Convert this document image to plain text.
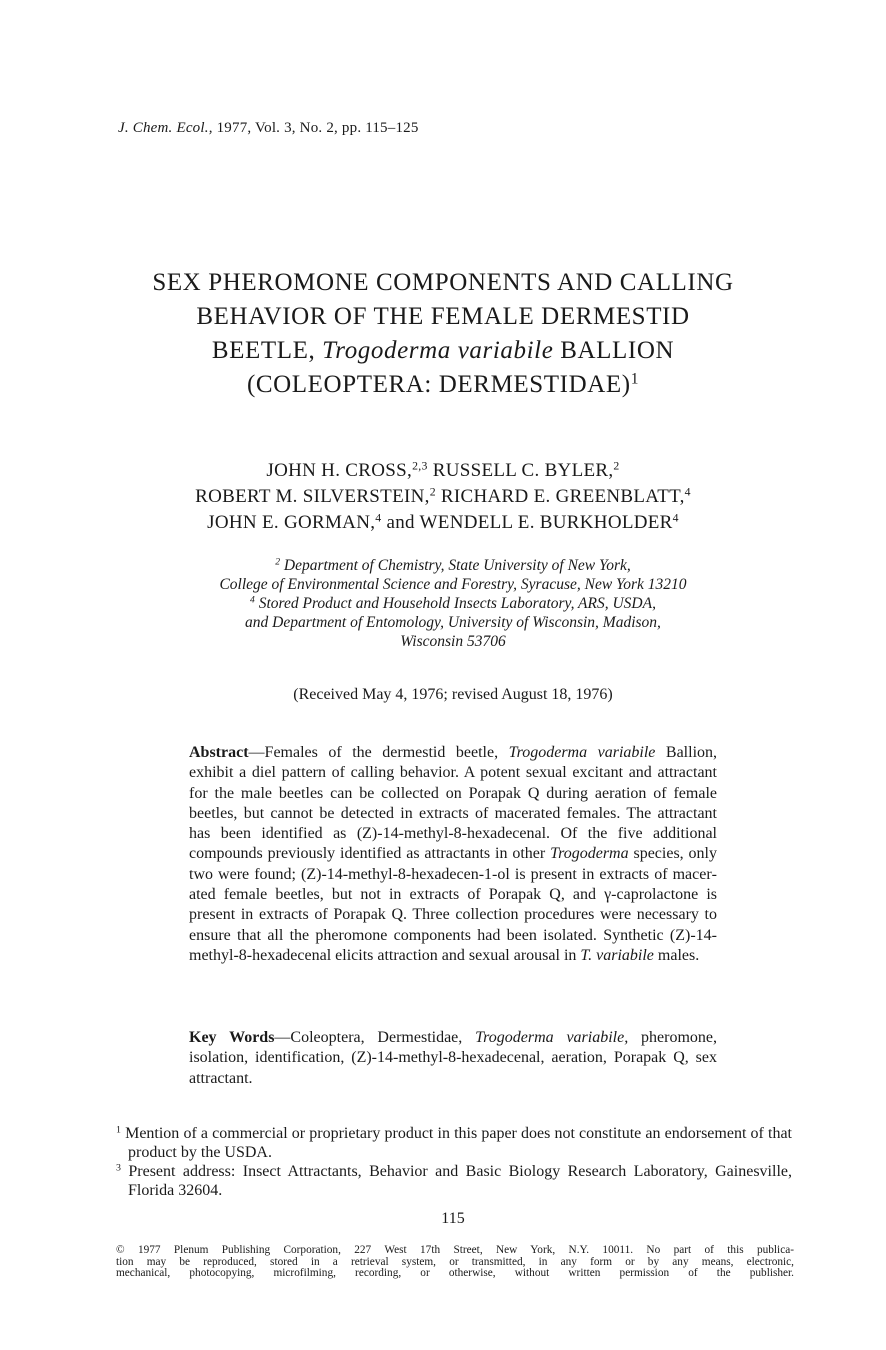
J. Chem. Ecol., 1977, Vol. 3, No. 2, pp. 115–125
SEX PHEROMONE COMPONENTS AND CALLING
BEHAVIOR OF THE FEMALE DERMESTID
BEETLE, Trogoderma variabile BALLION
(COLEOPTERA: DERMESTIDAE)$^1$
JOHN H. CROSS,$^{2,3}$ RUSSELL C. BYLER,$^2$
ROBERT M. SILVERSTEIN,$^2$ RICHARD E. GREENBLATT,$^4$
JOHN E. GORMAN,$^4$ and WENDELL E. BURKHOLDER$^4$
$^2$ Department of Chemistry, State University of New York,
College of Environmental Science and Forestry, Syracuse, New York 13210
$^4$ Stored Product and Household Insects Laboratory, ARS, USDA,
and Department of Entomology, University of Wisconsin, Madison,
Wisconsin 53706
(Received May 4, 1976; revised August 18, 1976)
Abstract—Females of the dermestid beetle, Trogoderma variabile Ballion, exhibit a diel pattern of calling behavior. A potent sexual excitant and attractant for the male beetles can be collected on Porapak Q during aeration of female beetles, but cannot be detected in extracts of macerated females. The attractant has been identified as (Z)-14-methyl-8-hexadecenal. Of the five additional compounds previously identified as attractants in other Trogoderma species, only two were found; (Z)-14-methyl-8-hexadecen-1-ol is present in extracts of macerated female beetles, but not in extracts of Porapak Q, and γ-caprolactone is present in extracts of Porapak Q. Three collection procedures were necessary to ensure that all the pheromone components had been isolated. Synthetic (Z)-14-methyl-8-hexadecenal elicits attraction and sexual arousal in T. variabile males.
Key Words—Coleoptera, Dermestidae, Trogoderma variabile, pheromone, isolation, identification, (Z)-14-methyl-8-hexadecenal, aeration, Porapak Q, sex attractant.
$^1$ Mention of a commercial or proprietary product in this paper does not constitute an endorsement of that product by the USDA.
$^3$ Present address: Insect Attractants, Behavior and Basic Biology Research Laboratory, Gainesville, Florida 32604.
115
© 1977 Plenum Publishing Corporation, 227 West 17th Street, New York, N.Y. 10011. No part of this publica-
tion may be reproduced, stored in a retrieval system, or transmitted, in any form or by any means, electronic,
mechanical, photocopying, microfilming, recording, or otherwise, without written permission of the publisher.
